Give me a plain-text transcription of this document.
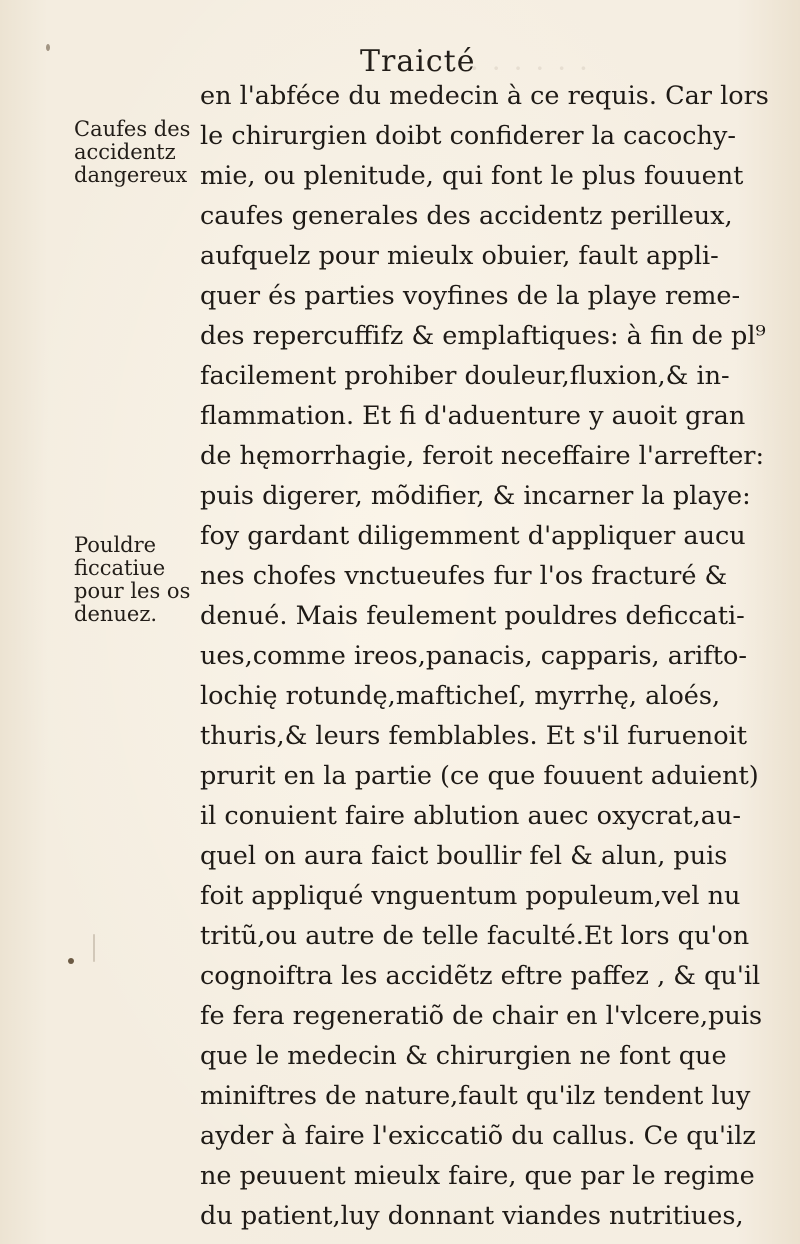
· · · · · ·
Traicté
Caufes des
accidentz
dangereux
Pouldre
ficcatiue
pour les os
denuez.
en l'abféce du medecin à ce requis. Car lors
le chirurgien doibt confiderer la cacochy-
mie, ou plenitude, qui font le plus fouuent
caufes generales des accidentz perilleux,
aufquelz pour mieulx obuier, fault appli-
quer és parties voyfines de la playe reme-
des repercuffifz & emplaftiques: à fin de pl⁹
facilement prohiber douleur,fluxion,& in-
flammation. Et fi d'aduenture y auoit gran
de hęmorrhagie, feroit neceffaire l'arrefter:
puis digerer, mõdifier, & incarner la playe:
foy gardant diligemment d'appliquer aucu
nes chofes vnctueufes fur l'os fracturé &
denué. Mais feulement pouldres deficcati-
ues,comme ireos,panacis, capparis, arifto-
lochię rotundę,mafticheſ, myrrhę, aloés,
thuris,& leurs femblables. Et s'il furuenoit
prurit en la partie (ce que fouuent aduient)
il conuient faire ablution auec oxycrat,au-
quel on aura faict boullir fel & alun, puis
foit appliqué vnguentum populeum,vel nu
tritũ,ou autre de telle faculté.Et lors qu'on
cognoiftra les accidẽtz eftre paffez , & qu'il
fe fera regeneratiõ de chair en l'vlcere,puis
que le medecin & chirurgien ne font que
miniftres de nature,fault qu'ilz tendent luy
ayder à faire l'exiccatiõ du callus. Ce qu'ilz
ne peuuent mieulx faire, que par le regime
du patient,luy donnant viandes nutritiues,
